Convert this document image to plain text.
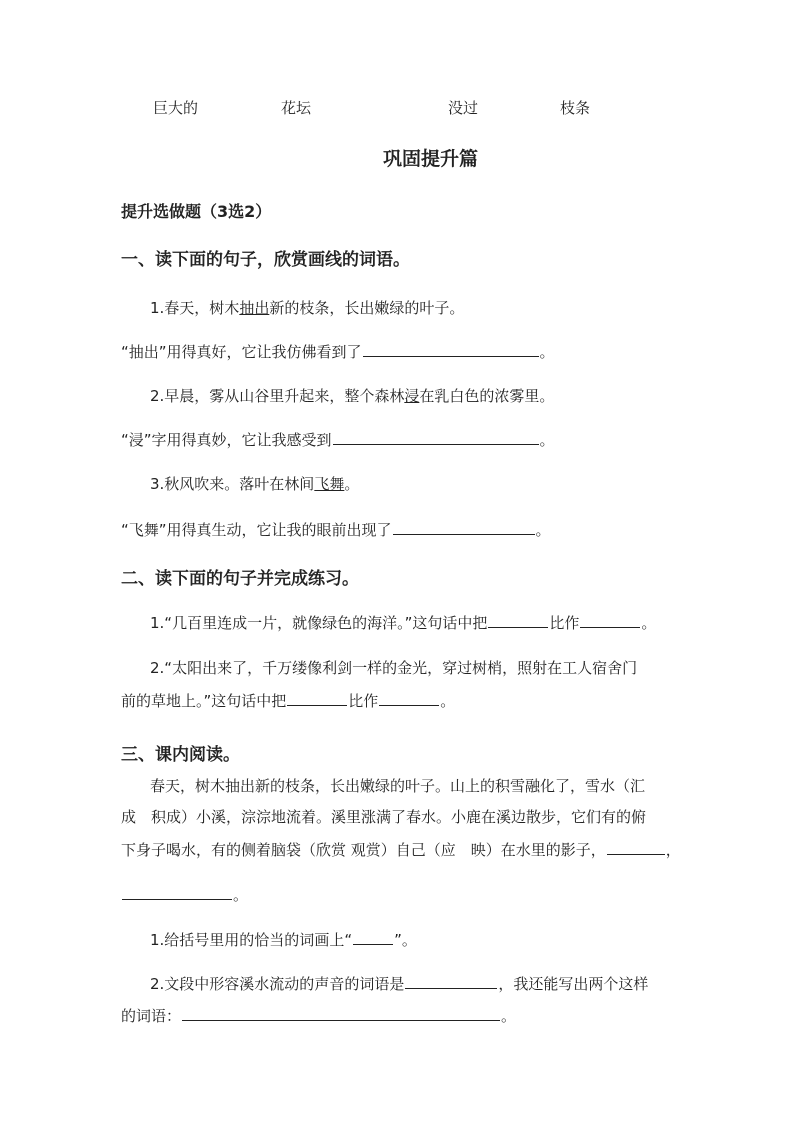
巨大的	花坛	没过	枝条
巩固提升篇
提升选做题（3选2）
一、读下面的句子，欣赏画线的词语。
1.春天，树木抽出新的枝条，长出嫩绿的叶子。
“抽出”用得真好，它让我仿佛看到了	。
2.早晨，雾从山谷里升起来，整个森林浸在乳白色的浓雾里。
“浸”字用得真妙，它让我感受到	。
3.秋风吹来。落叶在林间飞舞。
“飞舞”用得真生动，它让我的眼前出现了	。
二、读下面的句子并完成练习。
1.“几百里连成一片，就像绿色的海洋。”这句话中把	比作	。
2.“太阳出来了，千万缕像利剑一样的金光，穿过树梢，照射在工人宿舍门
前的草地上。”这句话中把	比作	。
三、课内阅读。
春天，树木抽出新的枝条，长出嫩绿的叶子。山上的积雪融化了，雪水（汇
成　积成）小溪，淙淙地流着。溪里涨满了春水。小鹿在溪边散步，它们有的俯
下身子喝水，有的侧着脑袋（欣赏 观赏）自己（应　映）在水里的影子，	，
。
1.给括号里用的恰当的词画上“	”。
2.文段中形容溪水流动的声音的词语是	，我还能写出两个这样
的词语：	。
